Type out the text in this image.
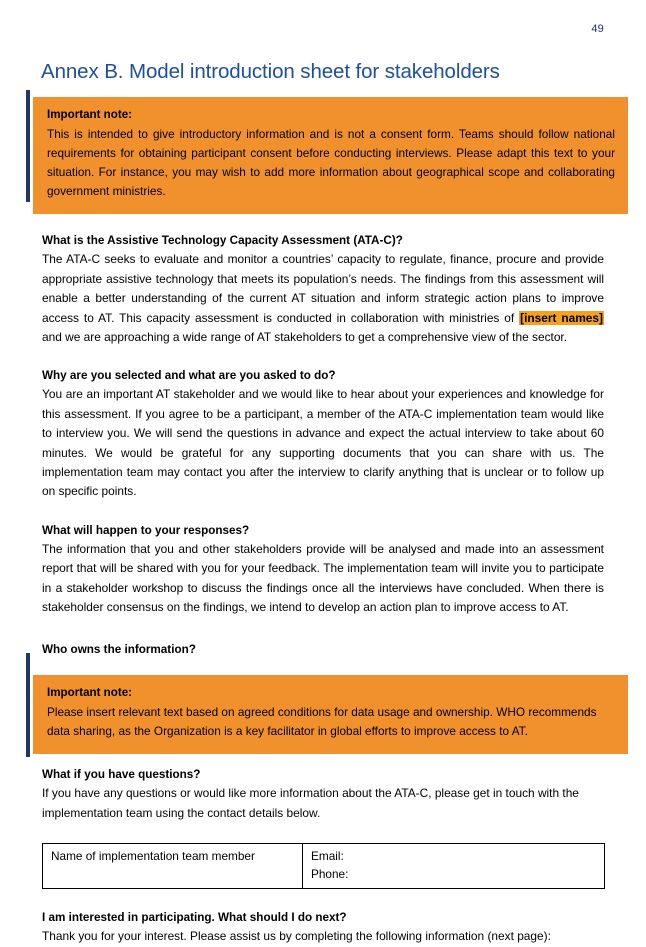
49
Annex B. Model introduction sheet for stakeholders
Important note:
This is intended to give introductory information and is not a consent form. Teams should follow national requirements for obtaining participant consent before conducting interviews. Please adapt this text to your situation. For instance, you may wish to add more information about geographical scope and collaborating government ministries.
What is the Assistive Technology Capacity Assessment (ATA-C)?

The ATA-C seeks to evaluate and monitor a countries’ capacity to regulate, finance, procure and provide appropriate assistive technology that meets its population’s needs. The findings from this assessment will enable a better understanding of the current AT situation and inform strategic action plans to improve access to AT. This capacity assessment is conducted in collaboration with ministries of [insert names] and we are approaching a wide range of AT stakeholders to get a comprehensive view of the sector.

Why are you selected and what are you asked to do?

You are an important AT stakeholder and we would like to hear about your experiences and knowledge for this assessment. If you agree to be a participant, a member of the ATA-C implementation team would like to interview you. We will send the questions in advance and expect the actual interview to take about 60 minutes. We would be grateful for any supporting documents that you can share with us. The implementation team may contact you after the interview to clarify anything that is unclear or to follow up on specific points.

What will happen to your responses?

The information that you and other stakeholders provide will be analysed and made into an assessment report that will be shared with you for your feedback. The implementation team will invite you to participate in a stakeholder workshop to discuss the findings once all the interviews have concluded. When there is stakeholder consensus on the findings, we intend to develop an action plan to improve access to AT.

Who owns the information?
Important note:
Please insert relevant text based on agreed conditions for data usage and ownership. WHO recommends data sharing, as the Organization is a key facilitator in global efforts to improve access to AT.
What if you have questions?

If you have any questions or would like more information about the ATA-C, please get in touch with the implementation team using the contact details below.

Name of implementation team member	Email:
Phone:
I am interested in participating. What should I do next?

Thank you for your interest. Please assist us by completing the following information (next page):
